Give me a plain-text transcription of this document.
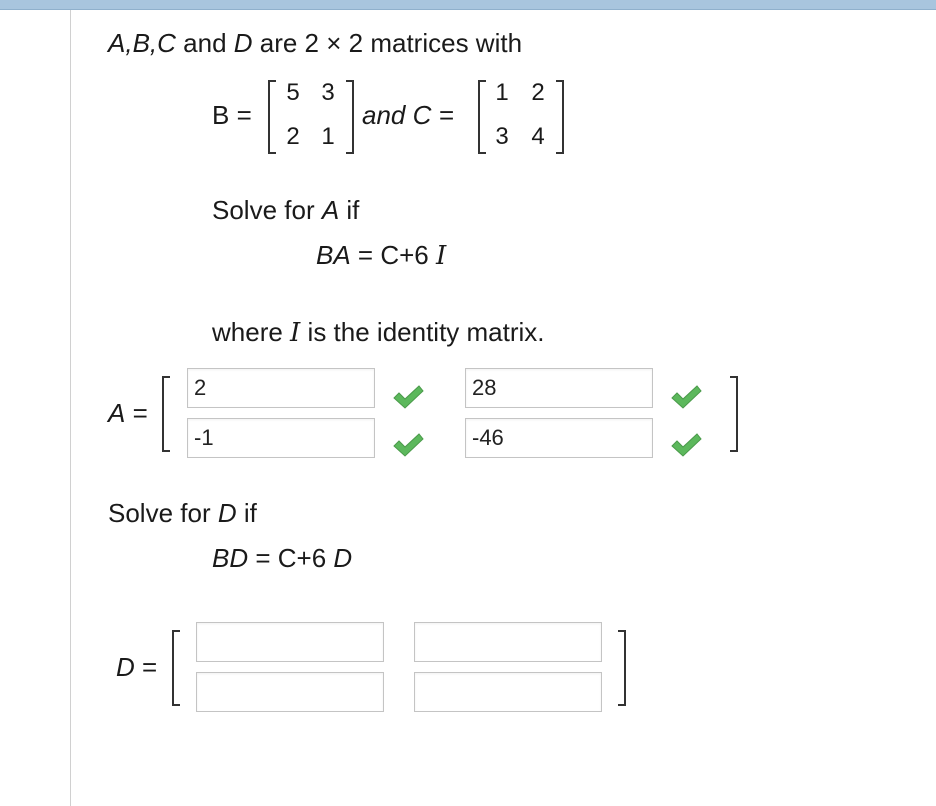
A,B,C and D are 2 × 2 matrices with
B =
5 3
2 1
and C =
1 2
3 4
Solve for A if
BA = C+6 I
where I is the identity matrix.
A =
2
28
-1
-46
Solve for D if
BD = C+6 D
D =
